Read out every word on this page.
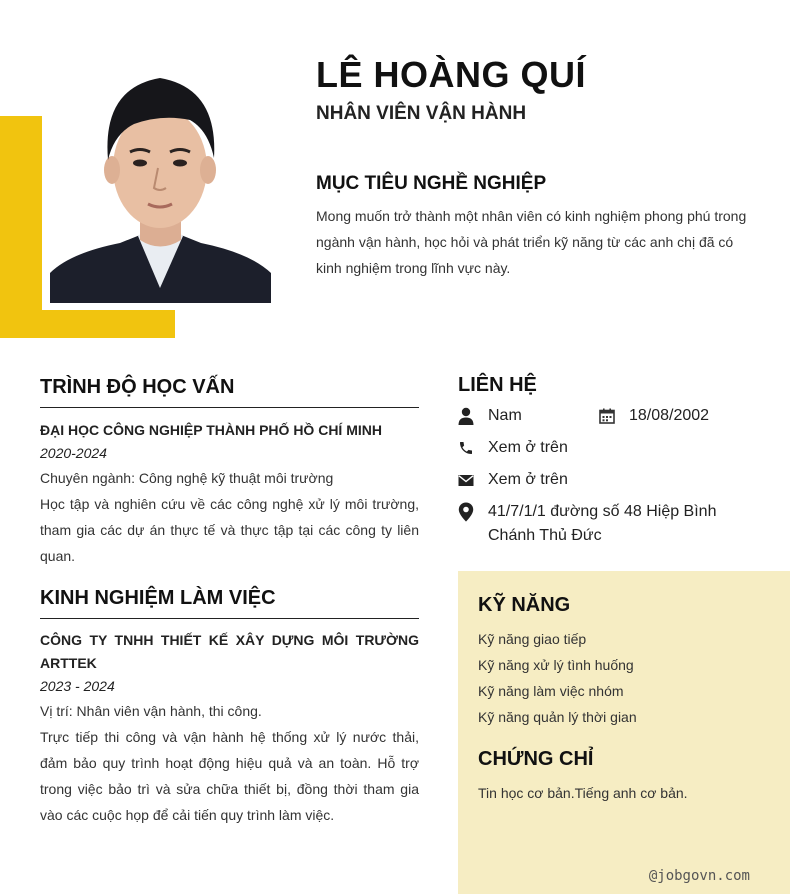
LÊ HOÀNG QUÍ
NHÂN VIÊN VẬN HÀNH
MỤC TIÊU NGHỀ NGHIỆP
Mong muốn trở thành một nhân viên có kinh nghiệm phong phú trong ngành vận hành, học hỏi và phát triển kỹ năng từ các anh chị đã có kinh nghiệm trong lĩnh vực này.
TRÌNH ĐỘ HỌC VẤN
ĐẠI HỌC CÔNG NGHIỆP THÀNH PHỐ HỒ CHÍ MINH
2020-2024
Chuyên ngành: Công nghệ kỹ thuật môi trường
Học tập và nghiên cứu về các công nghệ xử lý môi trường, tham gia các dự án thực tế và thực tập tại các công ty liên quan.
KINH NGHIỆM LÀM VIỆC
CÔNG TY TNHH THIẾT KẾ XÂY DỰNG MÔI TRƯỜNG ARTTEK
2023 - 2024
Vị trí: Nhân viên vận hành, thi công.
Trực tiếp thi công và vận hành hệ thống xử lý nước thải, đảm bảo quy trình hoạt động hiệu quả và an toàn. Hỗ trợ trong việc bảo trì và sửa chữa thiết bị, đồng thời tham gia vào các cuộc họp để cải tiến quy trình làm việc.
LIÊN HỆ
Nam	18/08/2002
Xem ở trên
Xem ở trên
41/7/1/1 đường số 48 Hiệp Bình Chánh Thủ Đức
KỸ NĂNG
Kỹ năng giao tiếp
Kỹ năng xử lý tình huống
Kỹ năng làm việc nhóm
Kỹ năng quản lý thời gian
CHỨNG CHỈ
Tin học cơ bản.Tiếng anh cơ bản.
@jobgovn.com
